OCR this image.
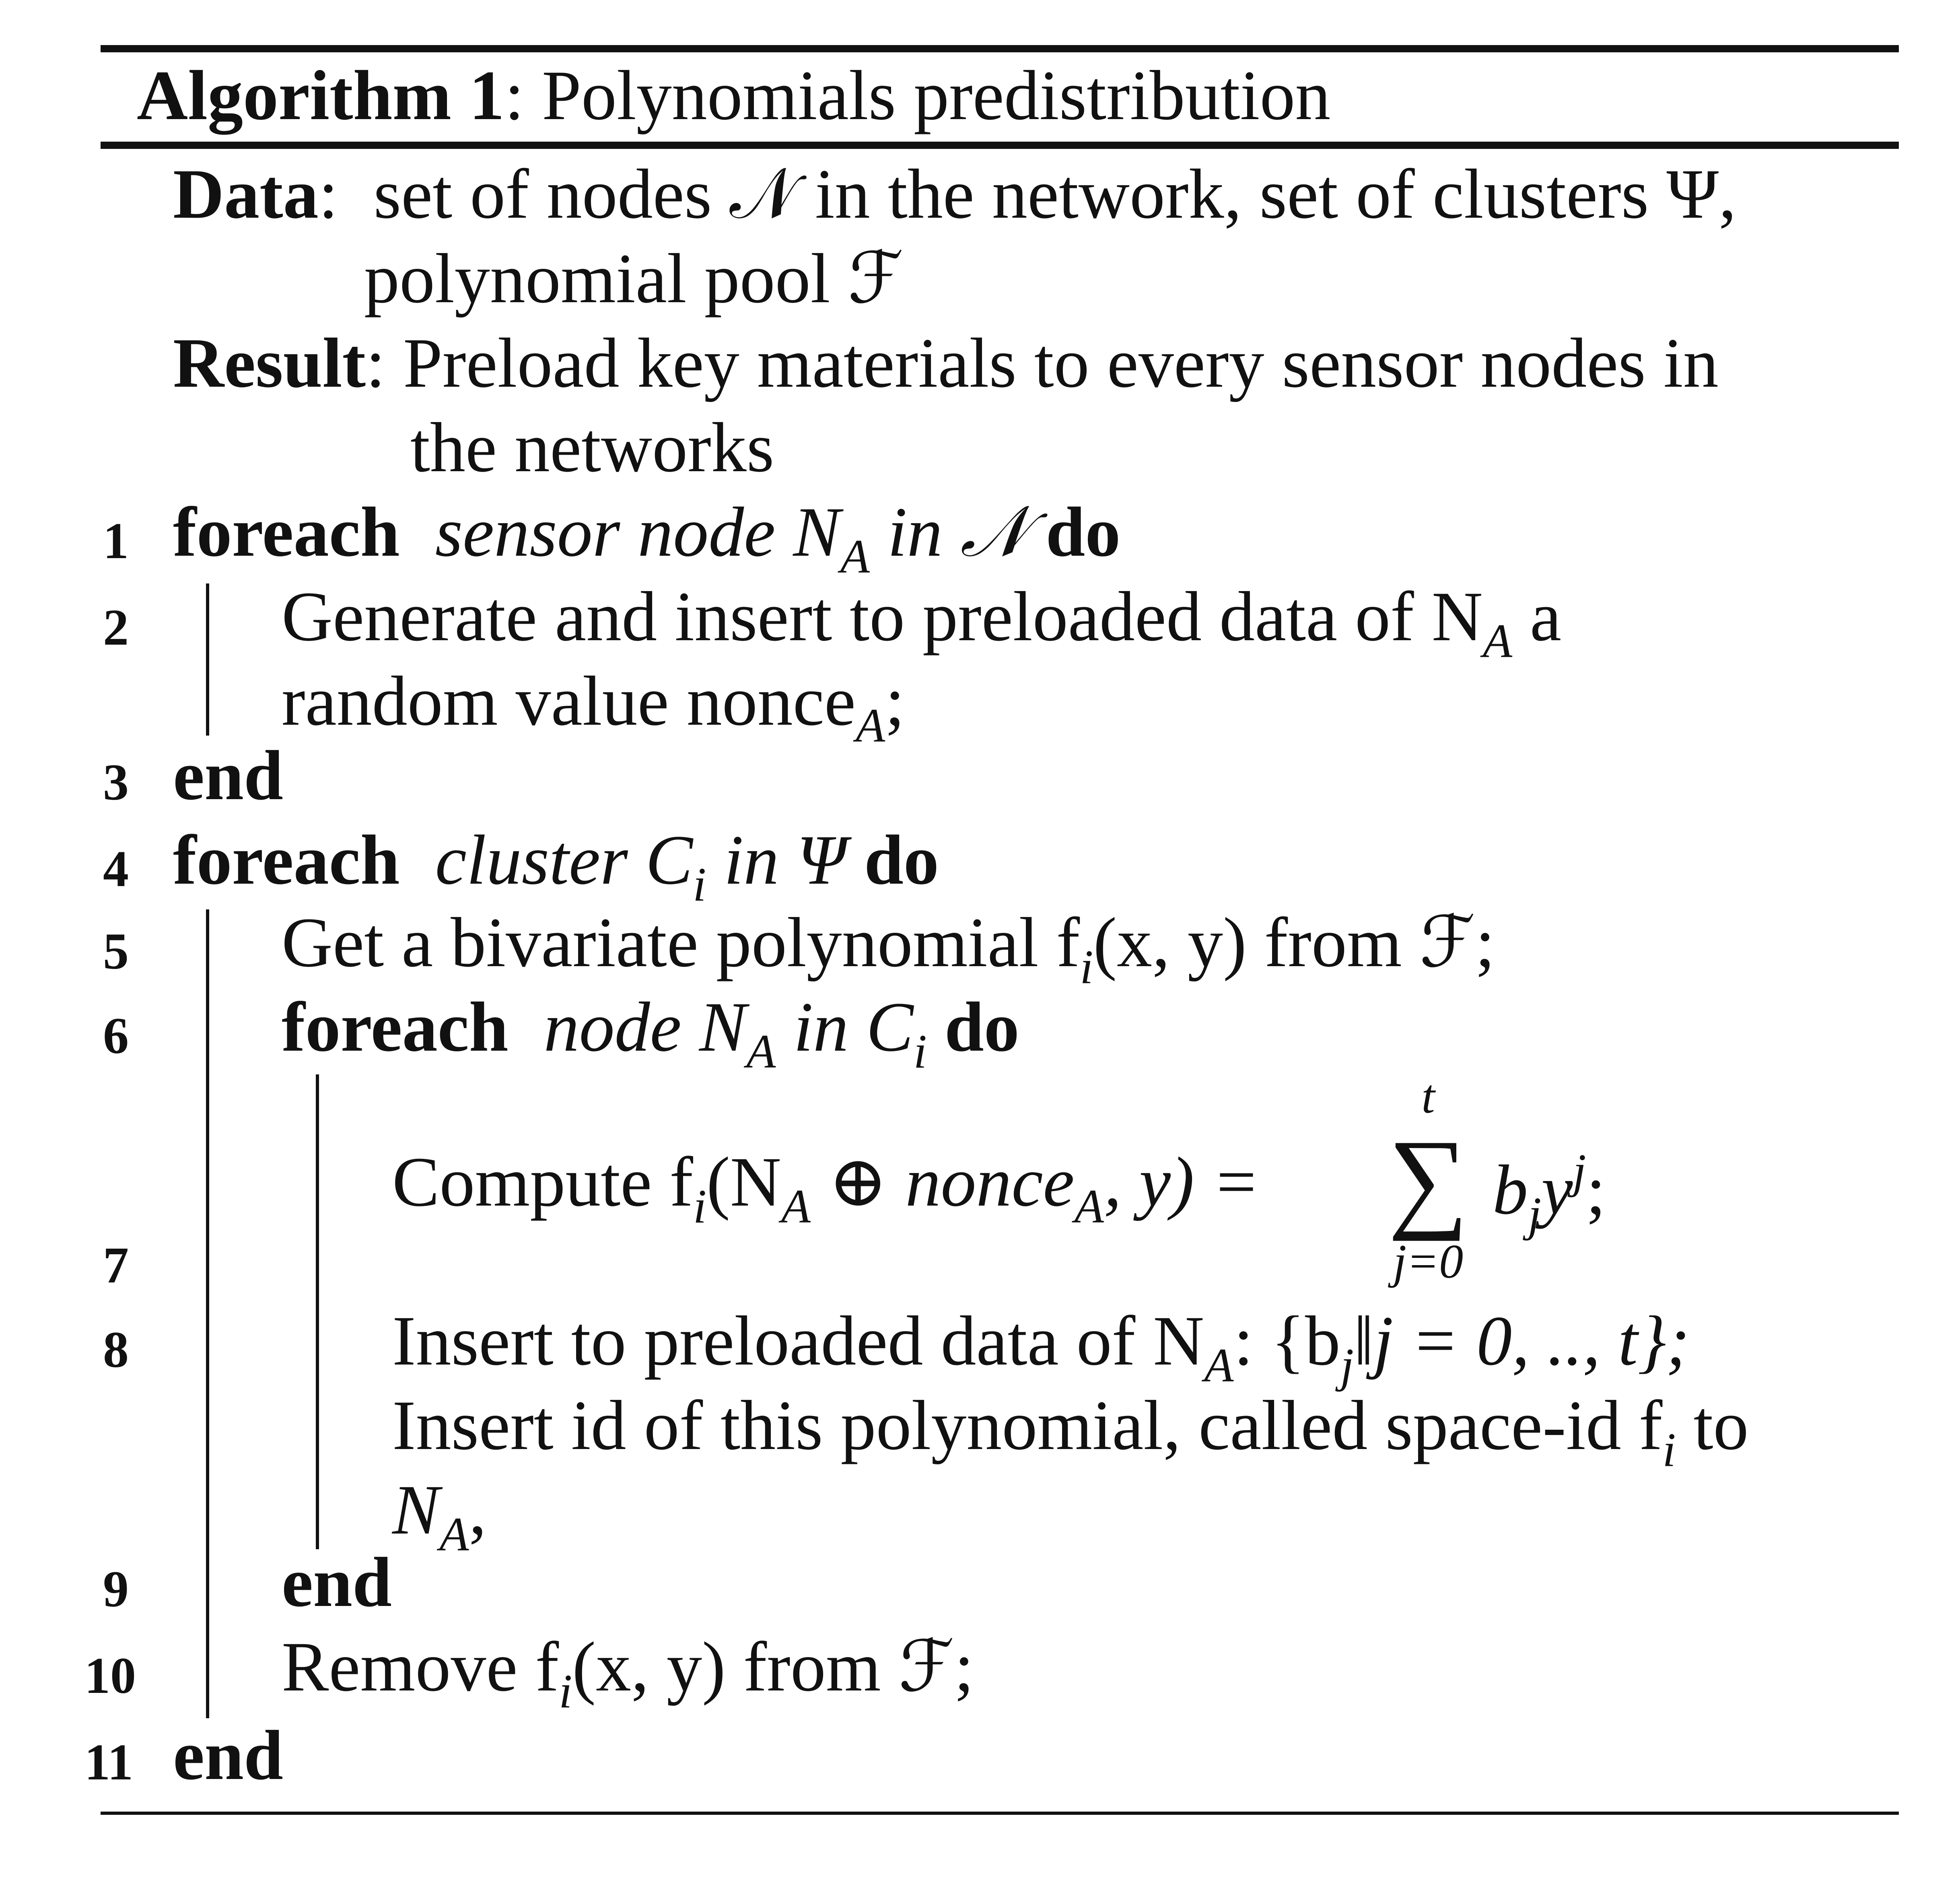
Algorithm 1: Polynomials predistribution
Data:  set of nodes 𝒩 in the network, set of clusters Ψ,
polynomial pool ℱ
Result: Preload key materials to every sensor nodes in
the networks
1
2
3
4
5
6
7
8
9
10
11
foreach sensor node $N_A$ in 𝒩 do
Generate and insert to preloaded data of $N_A$ a
random value nonce$_A$;
end
foreach cluster $C_i$ in Ψ do
Get a bivariate polynomial $f_i(x$, y) from ℱ;
foreach node $N_A$ in $C_i$ do
Compute $f_i(N_A$ ⊕ nonce$_A$, y) =
t
∑
j=0
$b_jy^j$;
Insert to preloaded data of $N_A$: {$b_j‖j = 0$, .., t};
Insert id of this polynomial, called space-id $f_i$ to
$N_A$,
end
Remove $f_i(x$, y) from ℱ;
end
